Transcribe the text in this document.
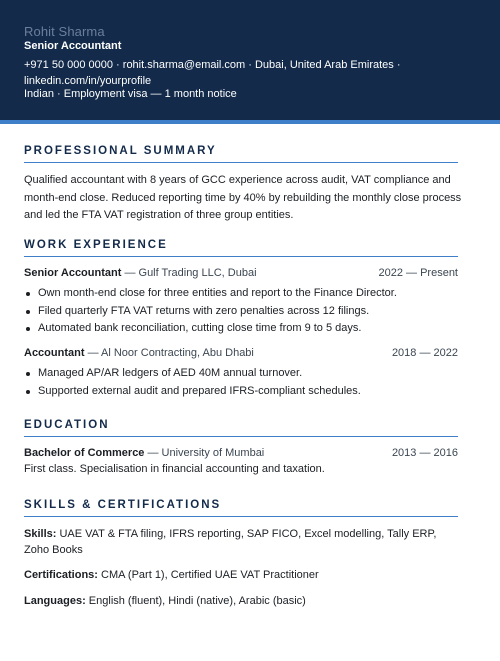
Rohit Sharma
Senior Accountant
+971 50 000 0000 · rohit.sharma@email.com · Dubai, United Arab Emirates · linkedin.com/in/yourprofile
Indian · Employment visa — 1 month notice
PROFESSIONAL SUMMARY
Qualified accountant with 8 years of GCC experience across audit, VAT compliance and month-end close. Reduced reporting time by 40% by rebuilding the monthly close process and led the FTA VAT registration of three group entities.
WORK EXPERIENCE
Senior Accountant — Gulf Trading LLC, Dubai	2022 — Present
Own month-end close for three entities and report to the Finance Director.
Filed quarterly FTA VAT returns with zero penalties across 12 filings.
Automated bank reconciliation, cutting close time from 9 to 5 days.
Accountant — Al Noor Contracting, Abu Dhabi	2018 — 2022
Managed AP/AR ledgers of AED 40M annual turnover.
Supported external audit and prepared IFRS-compliant schedules.
EDUCATION
Bachelor of Commerce — University of Mumbai	2013 — 2016
First class. Specialisation in financial accounting and taxation.
SKILLS & CERTIFICATIONS
Skills: UAE VAT & FTA filing, IFRS reporting, SAP FICO, Excel modelling, Tally ERP, Zoho Books
Certifications: CMA (Part 1), Certified UAE VAT Practitioner
Languages: English (fluent), Hindi (native), Arabic (basic)
